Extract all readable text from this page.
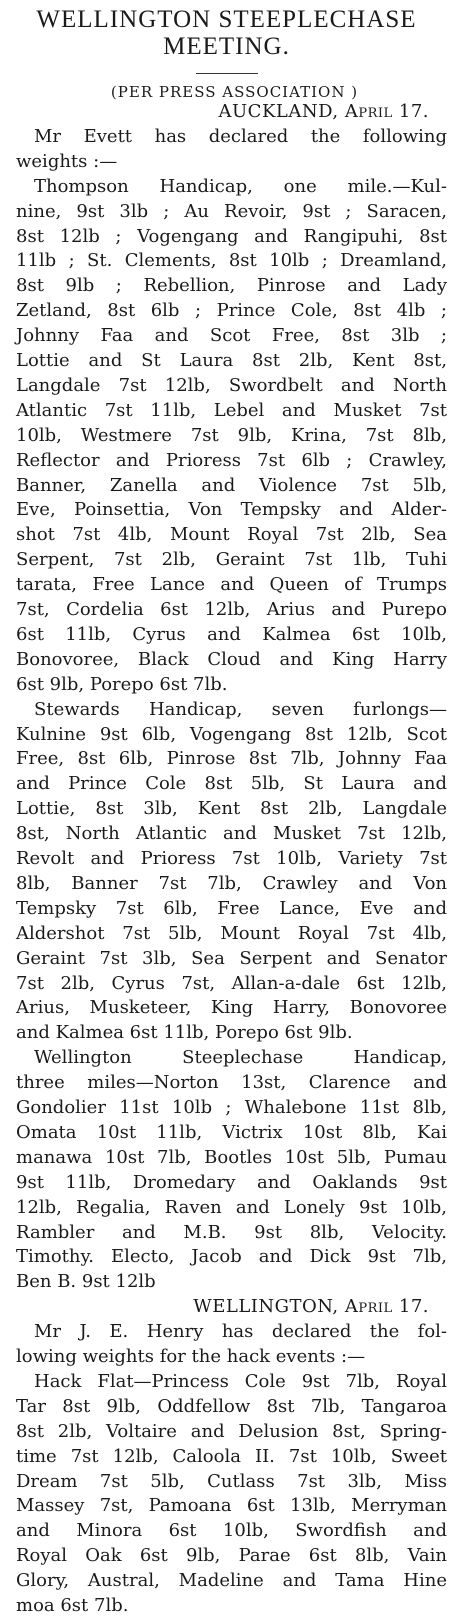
WELLINGTON STEEPLECHASE
MEETING.
(PER PRESS ASSOCIATION )
AUCKLAND, April 17.
Mr Evett has declared the following
weights :—
Thompson Handicap, one mile.—Kul-
nine, 9st 3lb ; Au Revoir, 9st ; Saracen,
8st 12lb ; Vogengang and Rangipuhi, 8st
11lb ; St. Clements, 8st 10lb ; Dreamland,
8st 9lb ; Rebellion, Pinrose and Lady
Zetland, 8st 6lb ; Prince Cole, 8st 4lb ;
Johnny Faa and Scot Free, 8st 3lb ;
Lottie and St Laura 8st 2lb, Kent 8st,
Langdale 7st 12lb, Swordbelt and North
Atlantic 7st 11lb, Lebel and Musket 7st
10lb, Westmere 7st 9lb, Krina, 7st 8lb,
Reflector and Prioress 7st 6lb ; Crawley,
Banner, Zanella and Violence 7st 5lb,
Eve, Poinsettia, Von Tempsky and Alder-
shot 7st 4lb, Mount Royal 7st 2lb, Sea
Serpent, 7st 2lb, Geraint 7st 1lb, Tuhi
tarata, Free Lance and Queen of Trumps
7st, Cordelia 6st 12lb, Arius and Purepo
6st 11lb, Cyrus and Kalmea 6st 10lb,
Bonovoree, Black Cloud and King Harry
6st 9lb, Porepo 6st 7lb.
Stewards Handicap, seven furlongs—
Kulnine 9st 6lb, Vogengang 8st 12lb, Scot
Free, 8st 6lb, Pinrose 8st 7lb, Johnny Faa
and Prince Cole 8st 5lb, St Laura and
Lottie, 8st 3lb, Kent 8st 2lb, Langdale
8st, North Atlantic and Musket 7st 12lb,
Revolt and Prioress 7st 10lb, Variety 7st
8lb, Banner 7st 7lb, Crawley and Von
Tempsky 7st 6lb, Free Lance, Eve and
Aldershot 7st 5lb, Mount Royal 7st 4lb,
Geraint 7st 3lb, Sea Serpent and Senator
7st 2lb, Cyrus 7st, Allan-a-dale 6st 12lb,
Arius, Musketeer, King Harry, Bonovoree
and Kalmea 6st 11lb, Porepo 6st 9lb.
Wellington Steeplechase Handicap,
three miles—Norton 13st, Clarence and
Gondolier 11st 10lb ; Whalebone 11st 8lb,
Omata 10st 11lb, Victrix 10st 8lb, Kai
manawa 10st 7lb, Bootles 10st 5lb, Pumau
9st 11lb, Dromedary and Oaklands 9st
12lb, Regalia, Raven and Lonely 9st 10lb,
Rambler and M.B. 9st 8lb, Velocity.
Timothy. Electo, Jacob and Dick 9st 7lb,
Ben B. 9st 12lb
WELLINGTON, April 17.
Mr J. E. Henry has declared the fol-
lowing weights for the hack events :—
Hack Flat—Princess Cole 9st 7lb, Royal
Tar 8st 9lb, Oddfellow 8st 7lb, Tangaroa
8st 2lb, Voltaire and Delusion 8st, Spring-
time 7st 12lb, Caloola II. 7st 10lb, Sweet
Dream 7st 5lb, Cutlass 7st 3lb, Miss
Massey 7st, Pamoana 6st 13lb, Merryman
and Minora 6st 10lb, Swordfish and
Royal Oak 6st 9lb, Parae 6st 8lb, Vain
Glory, Austral, Madeline and Tama Hine
moa 6st 7lb.
